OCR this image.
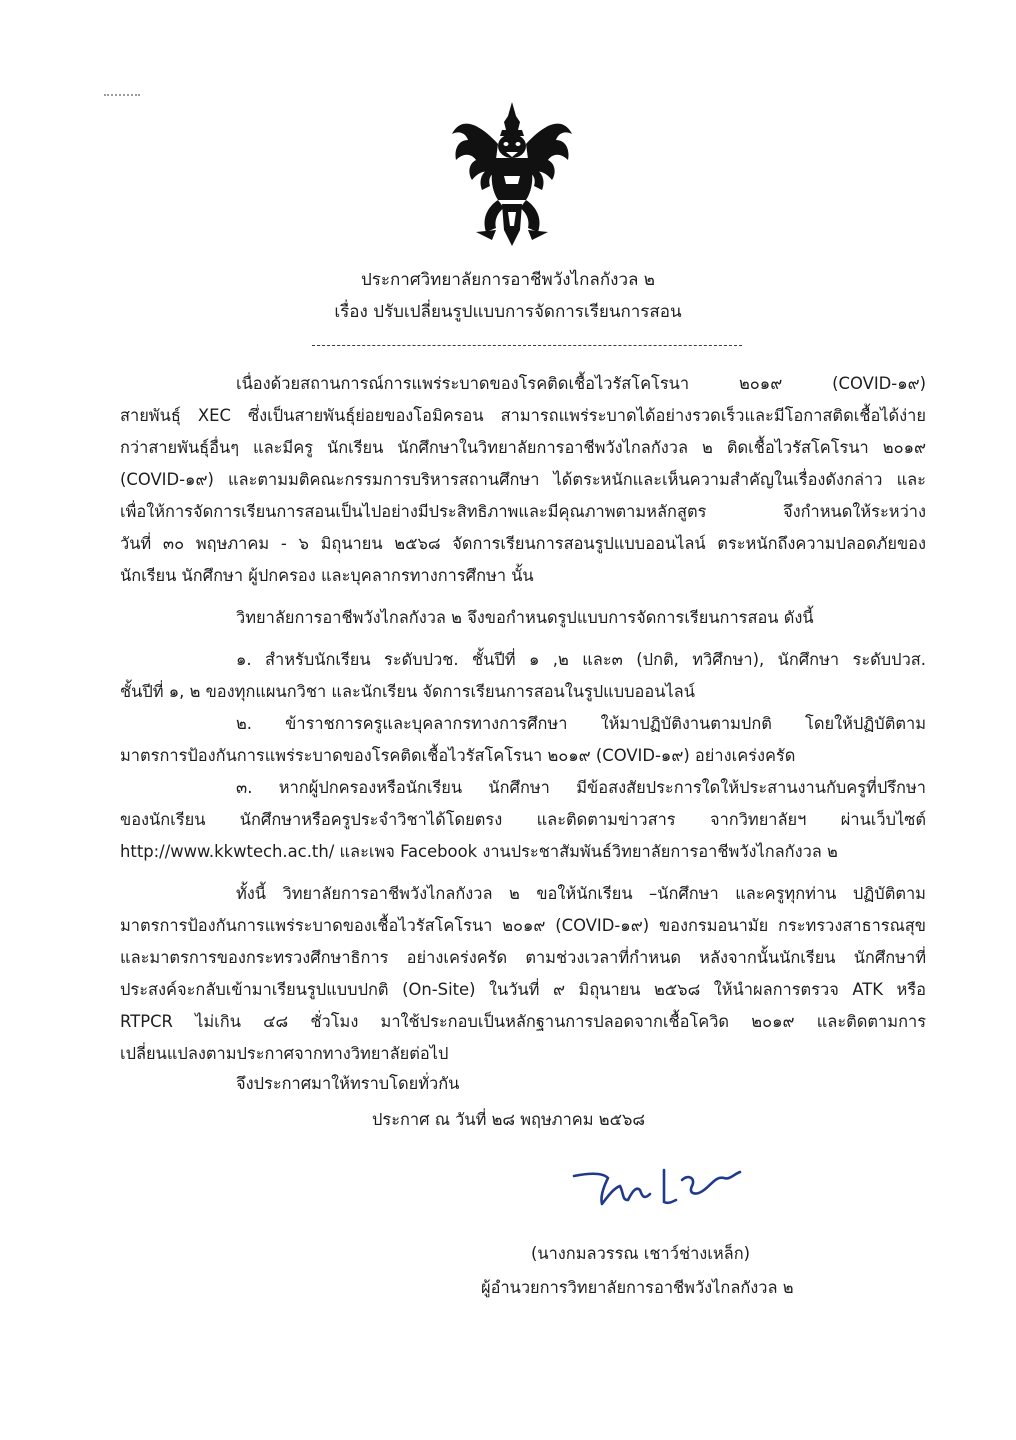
ประกาศวิทยาลัยการอาชีพวังไกลกังวล ๒
เรื่อง ปรับเปลี่ยนรูปแบบการจัดการเรียนการสอน
เนื่องด้วยสถานการณ์การแพร่ระบาดของโรคติดเชื้อไวรัสโคโรนา ๒๐๑๙ (COVID-๑๙)
สายพันธุ์ XEC ซึ่งเป็นสายพันธุ์ย่อยของโอมิครอน สามารถแพร่ระบาดได้อย่างรวดเร็วและมีโอกาสติดเชื้อได้ง่าย
กว่าสายพันธุ์อื่นๆ และมีครู นักเรียน นักศึกษาในวิทยาลัยการอาชีพวังไกลกังวล ๒ ติดเชื้อไวรัสโคโรนา ๒๐๑๙
(COVID-๑๙) และตามมติคณะกรรมการบริหารสถานศึกษา ได้ตระหนักและเห็นความสำคัญในเรื่องดังกล่าว และ
เพื่อให้การจัดการเรียนการสอนเป็นไปอย่างมีประสิทธิภาพและมีคุณภาพตามหลักสูตร จึงกำหนดให้ระหว่าง
วันที่ ๓๐ พฤษภาคม - ๖ มิถุนายน ๒๕๖๘ จัดการเรียนการสอนรูปแบบออนไลน์ ตระหนักถึงความปลอดภัยของ
นักเรียน นักศึกษา ผู้ปกครอง และบุคลากรทางการศึกษา นั้น
วิทยาลัยการอาชีพวังไกลกังวล ๒ จึงขอกำหนดรูปแบบการจัดการเรียนการสอน ดังนี้
๑. สำหรับนักเรียน ระดับปวช. ชั้นปีที่ ๑ ,๒ และ๓ (ปกติ, ทวิศึกษา), นักศึกษา ระดับปวส.
ชั้นปีที่ ๑, ๒ ของทุกแผนกวิชา และนักเรียน จัดการเรียนการสอนในรูปแบบออนไลน์
๒. ข้าราชการครูและบุคลากรทางการศึกษา ให้มาปฏิบัติงานตามปกติ โดยให้ปฏิบัติตาม
มาตรการป้องกันการแพร่ระบาดของโรคติดเชื้อไวรัสโคโรนา ๒๐๑๙ (COVID-๑๙) อย่างเคร่งครัด
๓. หากผู้ปกครองหรือนักเรียน นักศึกษา มีข้อสงสัยประการใดให้ประสานงานกับครูที่ปรึกษา
ของนักเรียน นักศึกษาหรือครูประจำวิชาได้โดยตรง และติดตามข่าวสาร จากวิทยาลัยฯ ผ่านเว็บไซต์
http://www.kkwtech.ac.th/ และเพจ Facebook งานประชาสัมพันธ์วิทยาลัยการอาชีพวังไกลกังวล ๒
ทั้งนี้ วิทยาลัยการอาชีพวังไกลกังวล ๒ ขอให้นักเรียน –นักศึกษา และครูทุกท่าน ปฏิบัติตาม
มาตรการป้องกันการแพร่ระบาดของเชื้อไวรัสโคโรนา ๒๐๑๙ (COVID-๑๙) ของกรมอนามัย กระทรวงสาธารณสุข
และมาตรการของกระทรวงศึกษาธิการ อย่างเคร่งครัด ตามช่วงเวลาที่กำหนด หลังจากนั้นนักเรียน นักศึกษาที่
ประสงค์จะกลับเข้ามาเรียนรูปแบบปกติ (On-Site) ในวันที่ ๙ มิถุนายน ๒๕๖๘ ให้นำผลการตรวจ ATK หรือ
RTPCR ไม่เกิน ๔๘ ชั่วโมง มาใช้ประกอบเป็นหลักฐานการปลอดจากเชื้อโควิด ๒๐๑๙ และติดตามการ
เปลี่ยนแปลงตามประกาศจากทางวิทยาลัยต่อไป
จึงประกาศมาให้ทราบโดยทั่วกัน
ประกาศ ณ วันที่ ๒๘ พฤษภาคม ๒๕๖๘
(นางกมลวรรณ เชาว์ช่างเหล็ก)
ผู้อำนวยการวิทยาลัยการอาชีพวังไกลกังวล ๒
